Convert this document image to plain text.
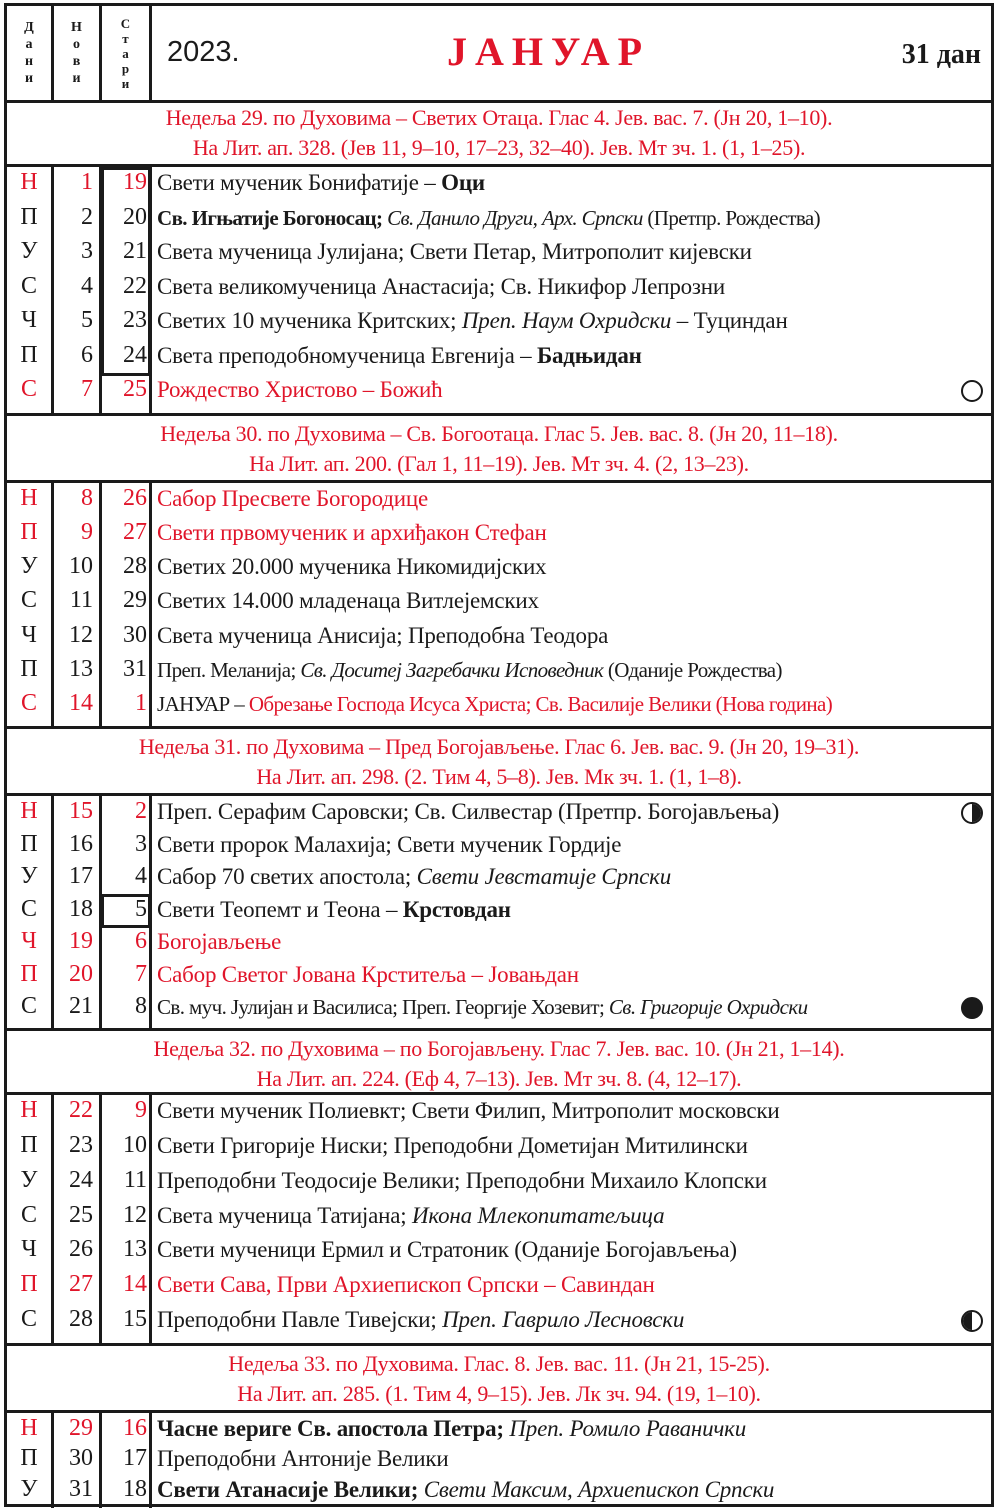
Д
а
н
и
Н
о
в
и
С
т
а
р
и
2023.	ЈАНУАР	31 дан
Недеља 29. по Духовима – Светих Отаца. Глас 4. Јев. вас. 7. (Јн 20, 1–10).
На Лит. ап. 328. (Јев 11, 9–10, 17–23, 32–40). Јев. Мт зч. 1. (1, 1–25).
Н	1	19 Свети мученик Бонифатије – Оци
П	2	20 Св. Игњатије Богоносац; Св. Данило Други, Арх. Српски (Претпр. Рождества)
У	3	21 Света мученица Јулијана; Свети Петар, Митрополит кијевски
С	4	22 Света великомученица Анастасија; Св. Никифор Лепрозни
Ч	5	23 Светих 10 мученика Критских; Преп. Наум Охридски – Туциндан
П	6	24 Света преподобномученица Евгенија – Бадњидан
С	7	25 Рождество Христово – Божић
Недеља 30. по Духовима – Св. Богоотаца. Глас 5. Јев. вас. 8. (Јн 20, 11–18).
На Лит. ап. 200. (Гал 1, 11–19). Јев. Мт зч. 4. (2, 13–23).
Н	8	26 Сабор Пресвете Богородице
П	9	27 Свети првомученик и архиђакон Стефан
У	10	28 Светих 20.000 мученика Никомидијских
С	11	29 Светих 14.000 младенаца Витлејемских
Ч	12	30 Света мученица Анисија; Преподобна Теодора
П	13	31 Преп. Меланија; Св. Доситеј Загребачки Исповедник (Оданије Рождества)
С	14	1 ЈАНУАР – Обрезање Господа Исуса Христа; Св. Василије Велики (Нова година)
Недеља 31. по Духовима – Пред Богојављење. Глас 6. Јев. вас. 9. (Јн 20, 19–31).
На Лит. ап. 298. (2. Тим 4, 5–8). Јев. Мк зч. 1. (1, 1–8).
Н	15	2 Преп. Серафим Саровски; Св. Силвестар (Претпр. Богојављења)
П	16	3 Свети пророк Малахија; Свети мученик Гордије
У	17	4 Сабор 70 светих апостола; Свети Јевстатије Српски
С	18	5 Свети Теопемт и Теона – Крстовдан
Ч	19	6 Богојављење
П	20	7 Сабор Светог Јована Крститеља – Јовањдан
С	21	8 Св. муч. Јулијан и Василиса; Преп. Георгије Хозевит; Св. Григорије Охридски
Недеља 32. по Духовима – по Богојављену. Глас 7. Јев. вас. 10. (Јн 21, 1–14).
На Лит. ап. 224. (Еф 4, 7–13). Јев. Мт зч. 8. (4, 12–17).
Н	22	9 Свети мученик Полиевкт; Свети Филип, Митрополит московски
П	23	10 Свети Григорије Ниски; Преподобни Дометијан Митилински
У	24	11 Преподобни Теодосије Велики; Преподобни Михаило Клопски
С	25	12 Света мученица Татијана; Икона Млекопитатељица
Ч	26	13 Свети мученици Ермил и Стратоник (Оданије Богојављења)
П	27	14 Свети Сава, Први Архиепископ Српски – Савиндан
С	28	15 Преподобни Павле Тивејски; Преп. Гаврило Лесновски
Недеља 33. по Духовима. Глас. 8. Јев. вас. 11. (Јн 21, 15-25).
На Лит. ап. 285. (1. Тим 4, 9–15). Јев. Лк зч. 94. (19, 1–10).
Н	29	16 Часне вериге Св. апостола Петра; Преп. Ромило Раванички
П	30	17 Преподобни Антоније Велики
У	31	18 Свети Атанасије Велики; Свети Максим, Архиепископ Српски
